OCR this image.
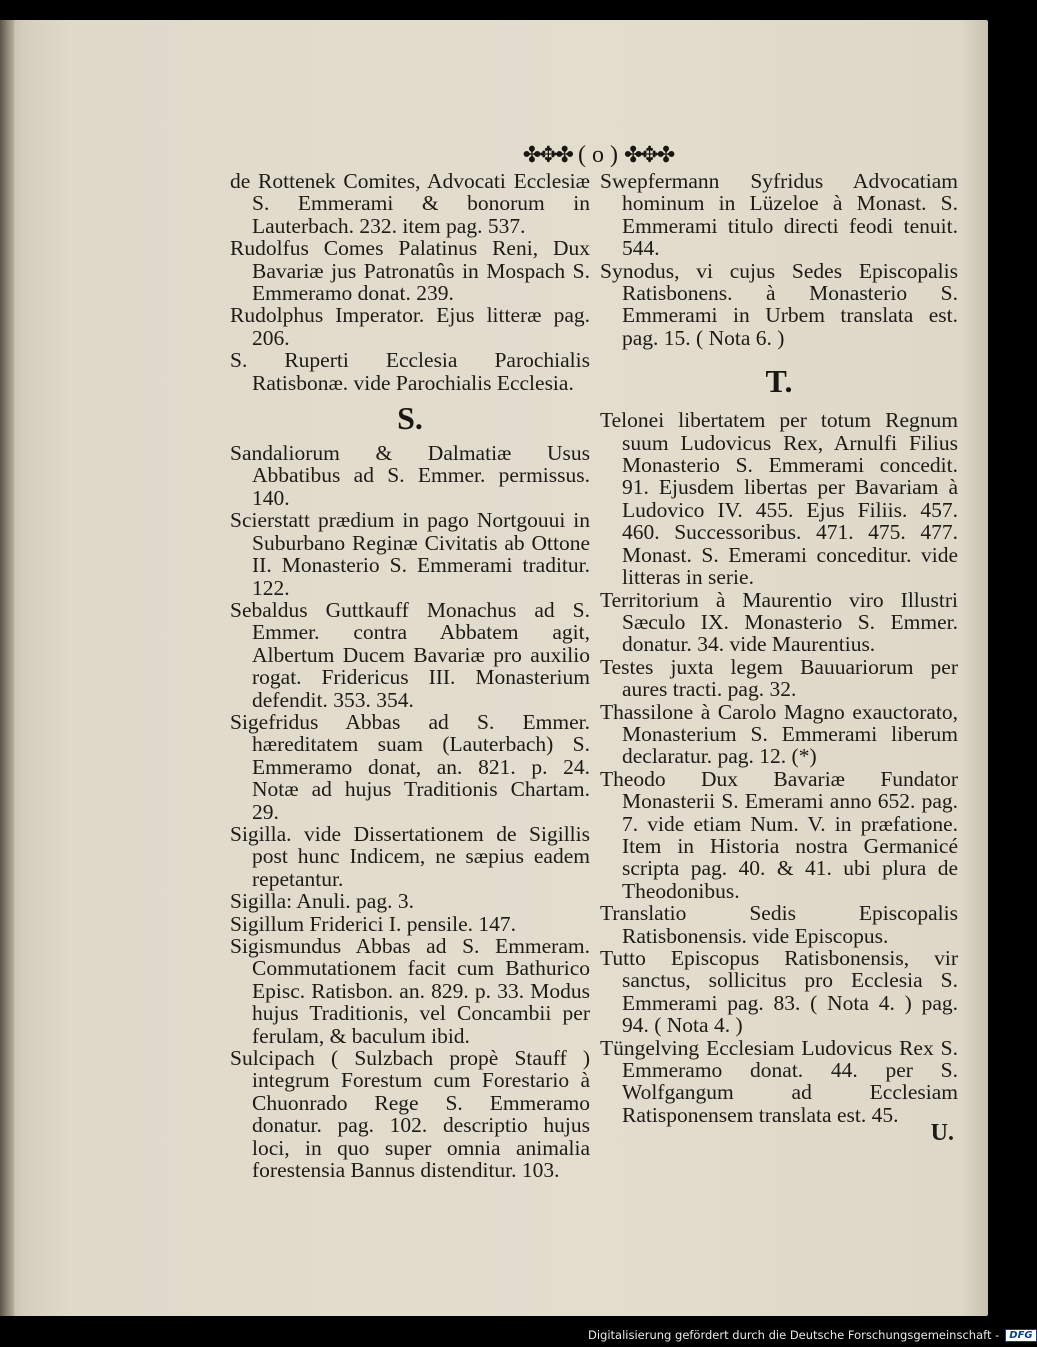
✤✥✤ ( o ) ✤✥✤

de Rottenek Comites, Advocati Ecclesiæ S. Emmerami & bonorum in Lauterbach. 232. item pag. 537.

Rudolfus Comes Palatinus Reni, Dux Bavariæ jus Patronatûs in Mospach S. Emmeramo donat. 239.

Rudolphus Imperator. Ejus litteræ pag. 206.

S. Ruperti Ecclesia Parochialis Ratisbonæ. vide Parochialis Ecclesia.

S.

Sandaliorum & Dalmatiæ Usus Abbatibus ad S. Emmer. permissus. 140.

Scierstatt prædium in pago Nortgouui in Suburbano Reginæ Civitatis ab Ottone II. Monasterio S. Emmerami traditur. 122.

Sebaldus Guttkauff Monachus ad S. Emmer. contra Abbatem agit, Albertum Ducem Bavariæ pro auxilio rogat. Fridericus III. Monasterium defendit. 353. 354.

Sigefridus Abbas ad S. Emmer. hæreditatem suam (Lauterbach) S. Emmeramo donat, an. 821. p. 24. Notæ ad hujus Traditionis Chartam. 29.

Sigilla. vide Dissertationem de Sigillis post hunc Indicem, ne sæpius eadem repetantur.

Sigilla: Anuli. pag. 3.

Sigillum Friderici I. pensile. 147.

Sigismundus Abbas ad S. Emmeram. Commutationem facit cum Bathurico Episc. Ratisbon. an. 829. p. 33. Modus hujus Traditionis, vel Concambii per ferulam, & baculum ibid.

Sulcipach ( Sulzbach propè Stauff ) integrum Forestum cum Forestario à Chuonrado Rege S. Emmeramo donatur. pag. 102. descriptio hujus loci, in quo super omnia animalia forestensia Bannus distenditur. 103.

Swepfermann Syfridus Advocatiam hominum in Lüzeloe à Monast. S. Emmerami titulo directi feodi tenuit. 544.

Synodus, vi cujus Sedes Episcopalis Ratisbonens. à Monasterio S. Emmerami in Urbem translata est. pag. 15. ( Nota 6. )

T.

Telonei libertatem per totum Regnum suum Ludovicus Rex, Arnulfi Filius Monasterio S. Emmerami concedit. 91. Ejusdem libertas per Bavariam à Ludovico IV. 455. Ejus Filiis. 457. 460. Successoribus. 471. 475. 477. Monast. S. Emerami conceditur. vide litteras in serie.

Territorium à Maurentio viro Illustri Sæculo IX. Monasterio S. Emmer. donatur. 34. vide Maurentius.

Testes juxta legem Bauuariorum per aures tracti. pag. 32.

Thassilone à Carolo Magno exauctorato, Monasterium S. Emmerami liberum declaratur. pag. 12. (*)

Theodo Dux Bavariæ Fundator Monasterii S. Emerami anno 652. pag. 7. vide etiam Num. V. in præfatione. Item in Historia nostra Germanicé scripta pag. 40. & 41. ubi plura de Theodonibus.

Translatio Sedis Episcopalis Ratisbonensis. vide Episcopus.

Tutto Episcopus Ratisbonensis, vir sanctus, sollicitus pro Ecclesia S. Emmerami pag. 83. ( Nota 4. ) pag. 94. ( Nota 4. )

Tüngelving Ecclesiam Ludovicus Rex S. Emmeramo donat. 44. per S. Wolfgangum ad Ecclesiam Ratisponensem translata est. 45.

U.
Digitalisierung gefördert durch die Deutsche Forschungsgemeinschaft -	DFG
